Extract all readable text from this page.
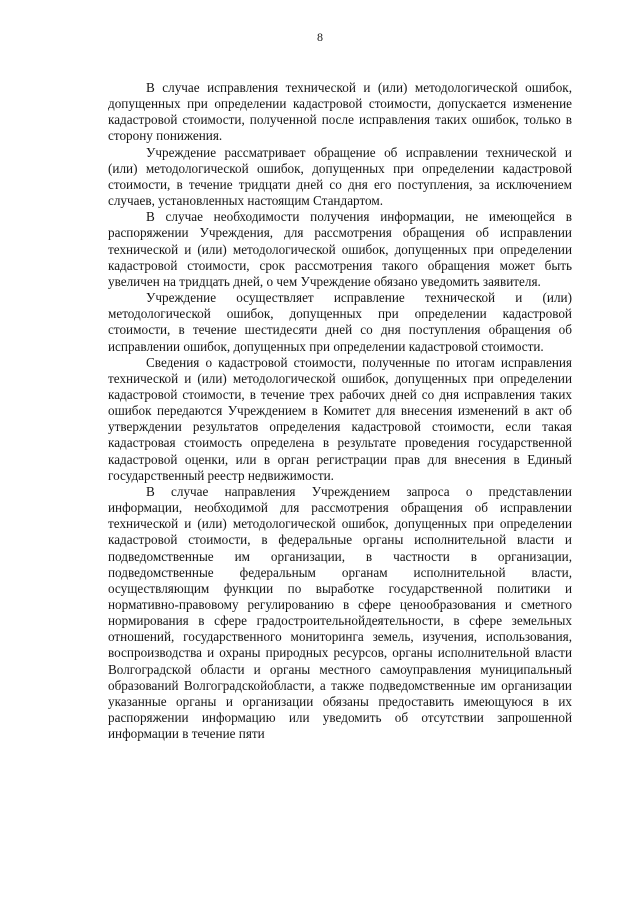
8

В случае исправления технической и (или) методологической ошибок, допущенных при определении кадастровой стоимости, допускается изменение кадастровой стоимости, полученной после исправления таких ошибок, только в сторону понижения.

Учреждение рассматривает обращение об исправлении технической и (или) методологической ошибок, допущенных при определении кадастровой стоимости, в течение тридцати дней со дня его поступления, за исключением случаев, установленных настоящим Стандартом.

В случае необходимости получения информации, не имеющейся в распоряжении Учреждения, для рассмотрения обращения об исправлении технической и (или) методологической ошибок, допущенных при определении кадастровой стоимости, срок рассмотрения такого обращения может быть увеличен на тридцать дней, о чем Учреждение обязано уведомить заявителя.

Учреждение осуществляет исправление технической и (или) методологической ошибок, допущенных при определении кадастровой стоимости, в течение шестидесяти дней со дня поступления обращения об исправлении ошибок, допущенных при определении кадастровой стоимости.

Сведения о кадастровой стоимости, полученные по итогам исправления технической и (или) методологической ошибок, допущенных при определении кадастровой стоимости, в течение трех рабочих дней со дня исправления таких ошибок передаются Учреждением в Комитет для внесения изменений в акт об утверждении результатов определения кадастровой стоимости, если такая кадастровая стоимость определена в результате проведения государственной кадастровой оценки, или в орган регистрации прав для внесения в Единый государственный реестр недвижимости.

В случае направления Учреждением запроса о представлении информации, необходимой для рассмотрения обращения об исправлении технической и (или) методологической ошибок, допущенных при определении кадастровой стоимости, в федеральные органы исполнительной власти и подведомственные им организации, в частности в организации, подведомственные федеральным органам исполнительной власти, осуществляющим функции по выработке государственной политики и нормативно-правовому регулированию в сфере ценообразования и сметного нормирования в сфере градостроительнойдеятельности, в сфере земельных отношений, государственного мониторинга земель, изучения, использования, воспроизводства и охраны природных ресурсов, органы исполнительной власти Волгоградской области и органы местного самоуправления муниципальный образований Волгоградскойобласти, а также подведомственные им организации указанные органы и организации обязаны предоставить имеющуюся в их распоряжении информацию или уведомить об отсутствии запрошенной информации в течение пяти
